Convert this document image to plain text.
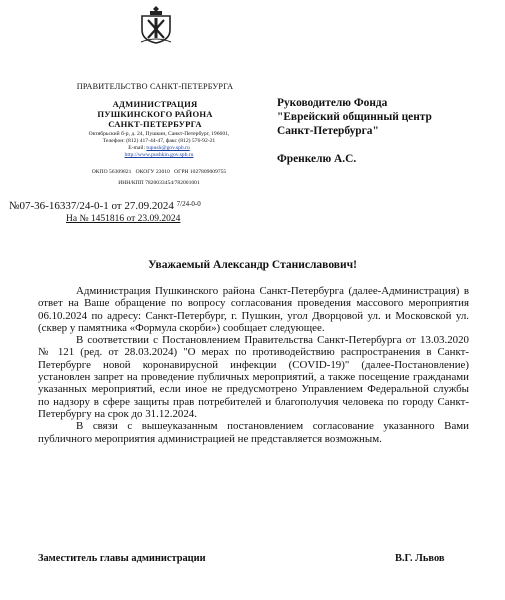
ПРАВИТЕЛЬСТВО САНКТ-ПЕТЕРБУРГА
АДМИНИСТРАЦИЯ
ПУШКИНСКОГО РАЙОНА
САНКТ-ПЕТЕРБУРГА
Октябрьский б-р, д. 24, Пушкин, Санкт-Петербург, 196601,
Телефон: (812) 417-44-47, факс (812) 576-92-21
E-mail: tupush@gov.spb.ru
http://www.pushkin.gov.spb.ru
ОКПО 56309821 ОКОГУ 23010 ОГРН 1027809009755
ИНН/КПП 7820033454/782001001
№07-36-16337/24-0-1 от 27.09.2024 $^{7/24-0-0}$
На № 1451816 от 23.09.2024
Руководителю Фонда
"Еврейский общинный центр
Санкт-Петербурга"
Френкелю А.С.
Уважаемый Александр Станиславович!

Администрация Пушкинского района Санкт-Петербурга (далее-Администрация) в ответ на Ваше обращение по вопросу согласования проведения массового мероприятия 06.10.2024 по адресу: Санкт-Петербург, г. Пушкин, угол Дворцовой ул. и Московской ул. (сквер у памятника «Формула скорби») сообщает следующее.

В соответствии с Постановлением Правительства Санкт-Петербурга от 13.03.2020 № 121 (ред. от 28.03.2024) "О мерах по противодействию распространения в Санкт-Петербурге новой коронавирусной инфекции (COVID-19)" (далее-Постановление) установлен запрет на проведение публичных мероприятий, а также посещение гражданами указанных мероприятий, если иное не предусмотрено Управлением Федеральной службы по надзору в сфере защиты прав потребителей и благополучия человека по городу Санкт-Петербургу на срок до 31.12.2024.

В связи с вышеуказанным постановлением согласование указанного Вами публичного мероприятия администрацией не представляется возможным.

Заместитель главы администрации	В.Г. Львов
